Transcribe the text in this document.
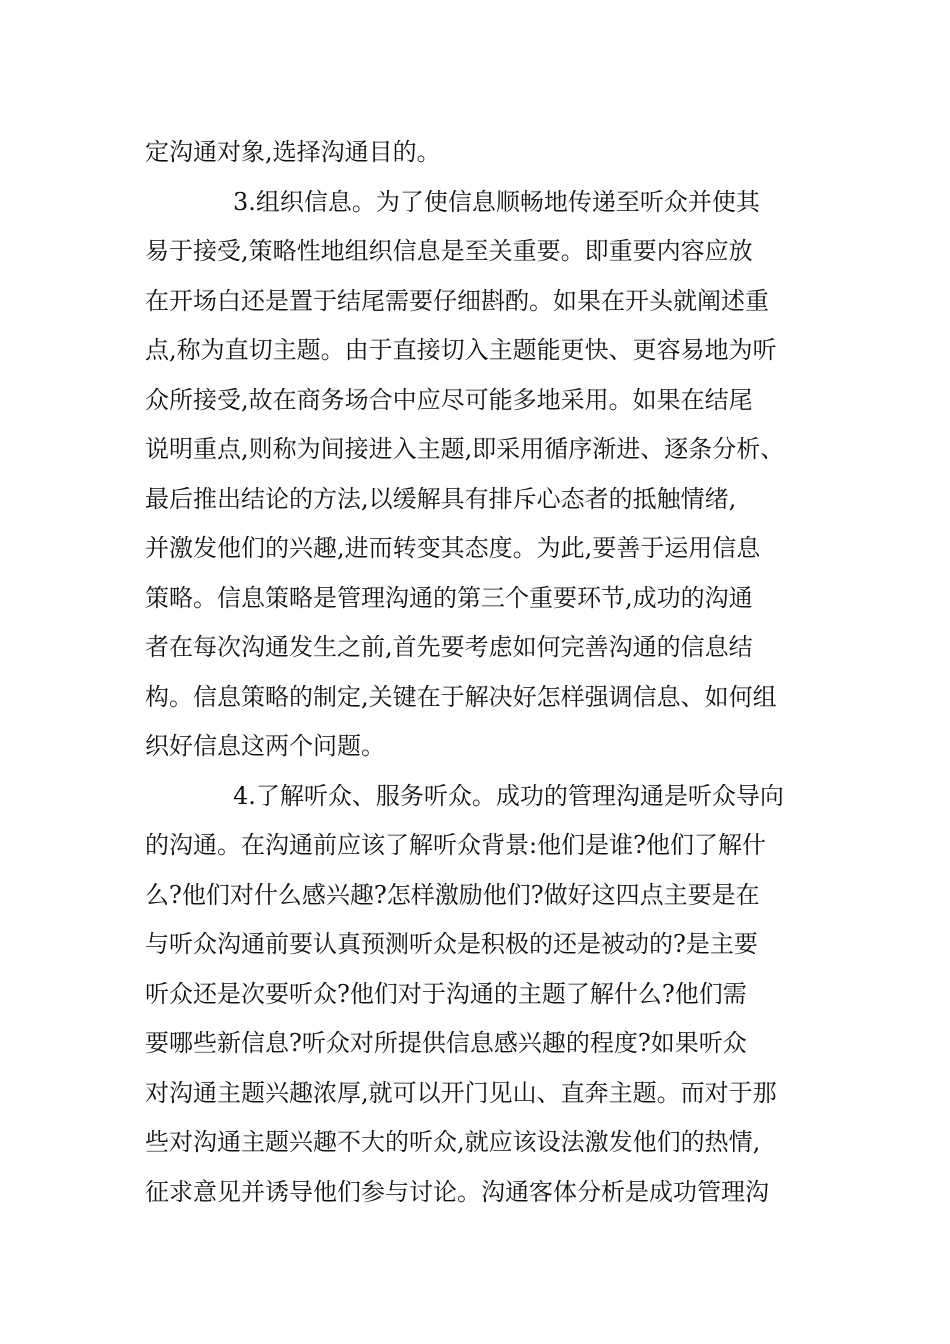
定沟通对象,选择沟通目的。
3.组织信息。为了使信息顺畅地传递至听众并使其
易于接受,策略性地组织信息是至关重要。即重要内容应放
在开场白还是置于结尾需要仔细斟酌。如果在开头就阐述重
点,称为直切主题。由于直接切入主题能更快、更容易地为听
众所接受,故在商务场合中应尽可能多地采用。如果在结尾
说明重点,则称为间接进入主题,即采用循序渐进、逐条分析、
最后推出结论的方法,以缓解具有排斥心态者的抵触情绪,
并激发他们的兴趣,进而转变其态度。为此,要善于运用信息
策略。信息策略是管理沟通的第三个重要环节,成功的沟通
者在每次沟通发生之前,首先要考虑如何完善沟通的信息结
构。信息策略的制定,关键在于解决好怎样强调信息、如何组
织好信息这两个问题。
4.了解听众、服务听众。成功的管理沟通是听众导向
的沟通。在沟通前应该了解听众背景:他们是谁?他们了解什
么?他们对什么感兴趣?怎样激励他们?做好这四点主要是在
与听众沟通前要认真预测听众是积极的还是被动的?是主要
听众还是次要听众?他们对于沟通的主题了解什么?他们需
要哪些新信息?听众对所提供信息感兴趣的程度?如果听众
对沟通主题兴趣浓厚,就可以开门见山、直奔主题。而对于那
些对沟通主题兴趣不大的听众,就应该设法激发他们的热情,
征求意见并诱导他们参与讨论。沟通客体分析是成功管理沟
